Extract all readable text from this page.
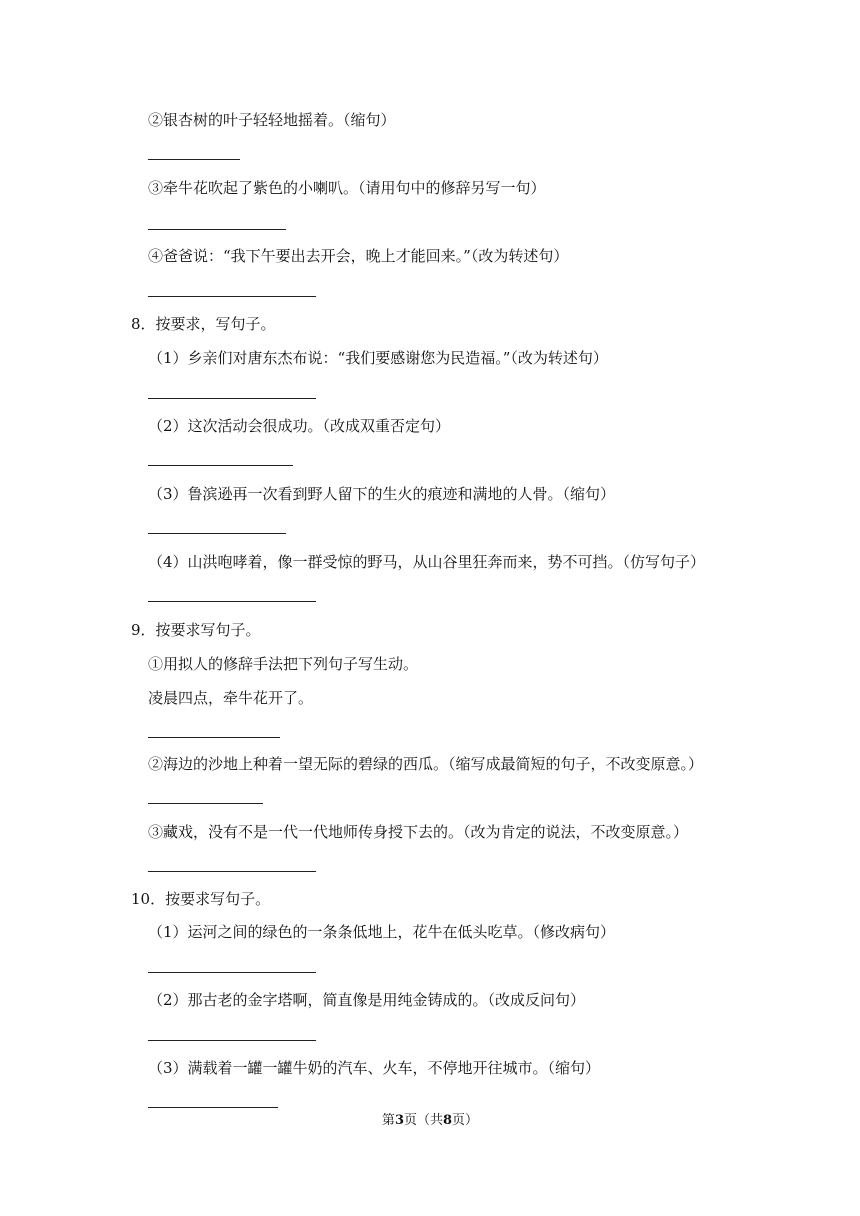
②银杏树的叶子轻轻地摇着。（缩句）
③牵牛花吹起了紫色的小喇叭。（请用句中的修辞另写一句）
④爸爸说：“我下午要出去开会，晚上才能回来。”（改为转述句）
8．按要求，写句子。
（1）乡亲们对唐东杰布说：“我们要感谢您为民造福。”（改为转述句）
（2）这次活动会很成功。（改成双重否定句）
（3）鲁滨逊再一次看到野人留下的生火的痕迹和满地的人骨。（缩句）
（4）山洪咆哮着，像一群受惊的野马，从山谷里狂奔而来，势不可挡。（仿写句子）
9．按要求写句子。
①用拟人的修辞手法把下列句子写生动。
凌晨四点，牵牛花开了。
②海边的沙地上种着一望无际的碧绿的西瓜。（缩写成最简短的句子，不改变原意。）
③藏戏，没有不是一代一代地师传身授下去的。（改为肯定的说法，不改变原意。）
10．按要求写句子。
（1）运河之间的绿色的一条条低地上，花牛在低头吃草。（修改病句）
（2）那古老的金字塔啊，简直像是用纯金铸成的。（改成反问句）
（3）满载着一罐一罐牛奶的汽车、火车，不停地开往城市。（缩句）
第3页（共8页）
